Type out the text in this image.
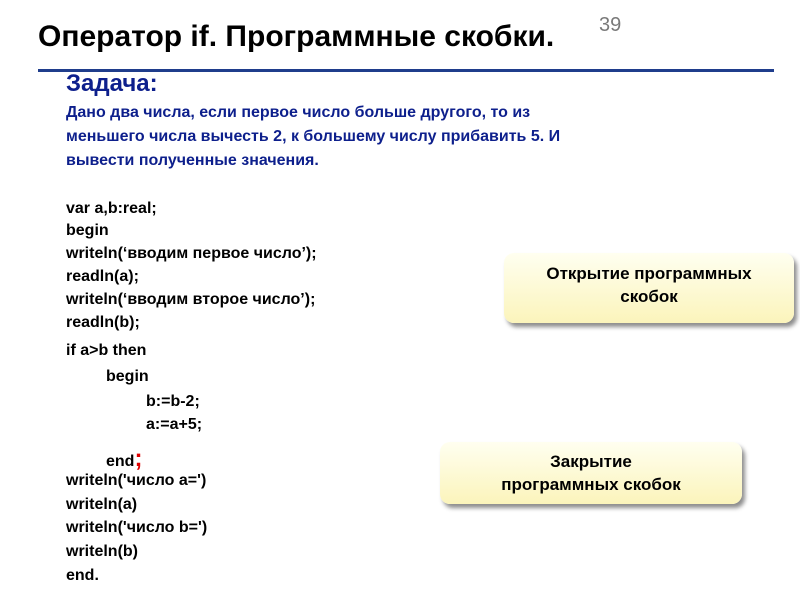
39
Оператор if. Программные скобки.
Задача:
Дано два числа, если первое число больше другого, то из
меньшего числа вычесть 2, к большему числу прибавить 5. И
вывести полученные значения.
var a,b:real;
begin
writeln(‘вводим первое число’);
readln(a);
writeln(‘вводим второе число’);
readln(b);
if a>b then
begin
b:=b-2;
a:=a+5;
end;
writeln('число a=')
writeln(a)
writeln('число b=')
writeln(b)
end.
Открытие программных
скобок
Закрытие
программных скобок
